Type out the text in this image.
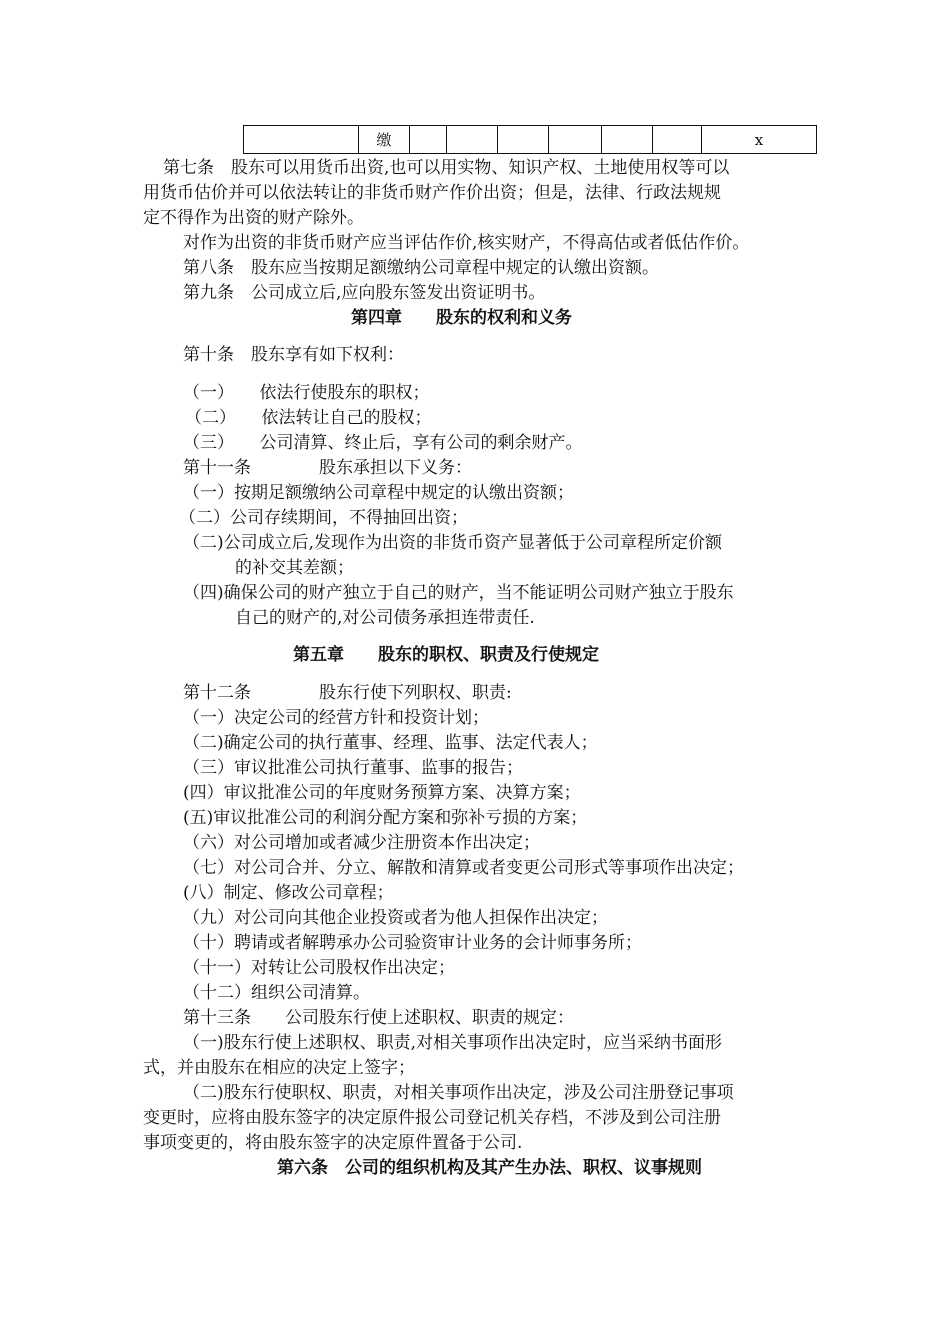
	缴							x

第七条　股东可以用货币出资,也可以用实物、知识产权、土地使用权等可以

用货币估价并可以依法转让的非货币财产作价出资；但是，法律、行政法规规

定不得作为出资的财产除外。

对作为出资的非货币财产应当评估作价,核实财产，不得高估或者低估作价。

第八条　股东应当按期足额缴纳公司章程中规定的认缴出资额。

第九条　公司成立后,应向股东签发出资证明书。

第四章　　股东的权利和义务

第十条　股东享有如下权利：

（一）　　依法行使股东的职权；

（二）　　依法转让自己的股权；

（三）　　公司清算、终止后，享有公司的剩余财产。

第十一条　　　　股东承担以下义务：

（一）按期足额缴纳公司章程中规定的认缴出资额；

（二）公司存续期间，不得抽回出资；

（二)公司成立后,发现作为出资的非货币资产显著低于公司章程所定价额

的补交其差额；

（四)确保公司的财产独立于自己的财产，当不能证明公司财产独立于股东

自己的财产的,对公司债务承担连带责任.

第五章　　股东的职权、职责及行使规定

第十二条　　　　股东行使下列职权、职责:

（一）决定公司的经营方针和投资计划；

（二)确定公司的执行董事、经理、监事、法定代表人；

（三）审议批准公司执行董事、监事的报告；

(四）审议批准公司的年度财务预算方案、决算方案；

(五)审议批准公司的利润分配方案和弥补亏损的方案；

（六）对公司增加或者减少注册资本作出决定；

（七）对公司合并、分立、解散和清算或者变更公司形式等事项作出决定；

(八）制定、修改公司章程；

（九）对公司向其他企业投资或者为他人担保作出决定；

（十）聘请或者解聘承办公司验资审计业务的会计师事务所；

（十一）对转让公司股权作出决定；

（十二）组织公司清算。

第十三条　　公司股东行使上述职权、职责的规定：

（一)股东行使上述职权、职责,对相关事项作出决定时，应当采纳书面形

式，并由股东在相应的决定上签字；

（二)股东行使职权、职责，对相关事项作出决定，涉及公司注册登记事项

变更时，应将由股东签字的决定原件报公司登记机关存档，不涉及到公司注册

事项变更的，将由股东签字的决定原件置备于公司.

第六条　公司的组织机构及其产生办法、职权、议事规则
